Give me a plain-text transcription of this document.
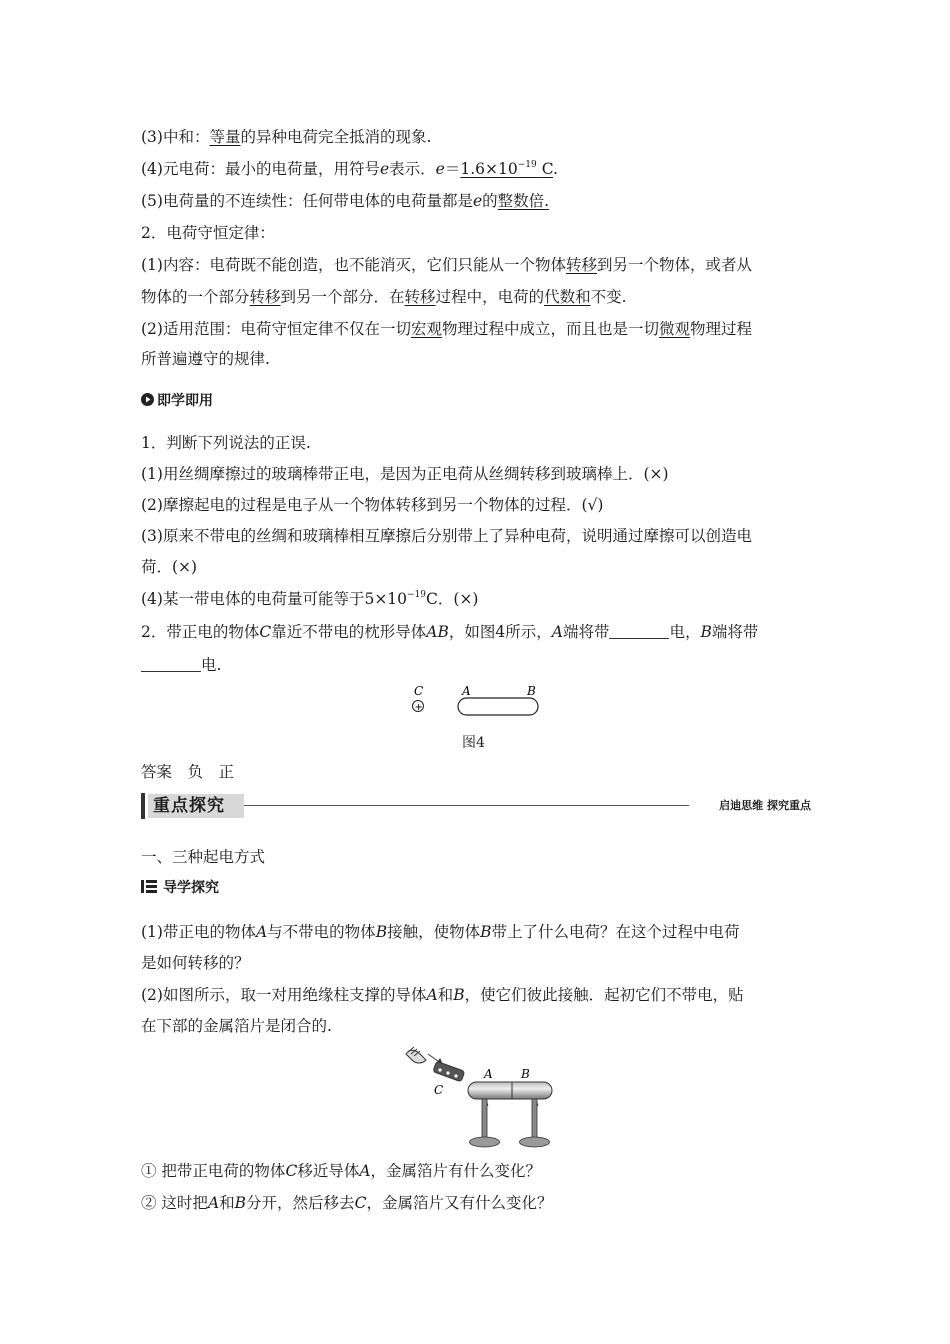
(3)中和：等量的异种电荷完全抵消的现象.
(4)元电荷：最小的电荷量，用符号e表示．$e=1.6\times 10^{-19}$ C.
(5)电荷量的不连续性：任何带电体的电荷量都是e的整数倍.
2．电荷守恒定律：
(1)内容：电荷既不能创造，也不能消灭，它们只能从一个物体转移到另一个物体，或者从
物体的一个部分转移到另一个部分．在转移过程中，电荷的代数和不变.
(2)适用范围：电荷守恒定律不仅在一切宏观物理过程中成立，而且也是一切微观物理过程
所普遍遵守的规律.
即学即用
1．判断下列说法的正误.
(1)用丝绸摩擦过的玻璃棒带正电，是因为正电荷从丝绸转移到玻璃棒上．(×)
(2)摩擦起电的过程是电子从一个物体转移到另一个物体的过程．(√)
(3)原来不带电的丝绸和玻璃棒相互摩擦后分别带上了异种电荷，说明通过摩擦可以创造电
荷．(×)
(4)某一带电体的电荷量可能等于$5\times 10^{-19}C$．(×)
2．带正电的物体C靠近不带电的枕形导体AB，如图4所示，A端将带	电，B端将带
电.
C
+
A	B
图4
答案　负　正
重点探究	启迪思维 探究重点
一、三种起电方式
导学探究
(1)带正电的物体A与不带电的物体B接触，使物体B带上了什么电荷？在这个过程中电荷
是如何转移的？
(2)如图所示，取一对用绝缘柱支撑的导体A和B，使它们彼此接触．起初它们不带电，贴
在下部的金属箔片是闭合的.
C
A B
① 把带正电荷的物体C移近导体A，金属箔片有什么变化？
② 这时把A和B分开，然后移去C，金属箔片又有什么变化？
